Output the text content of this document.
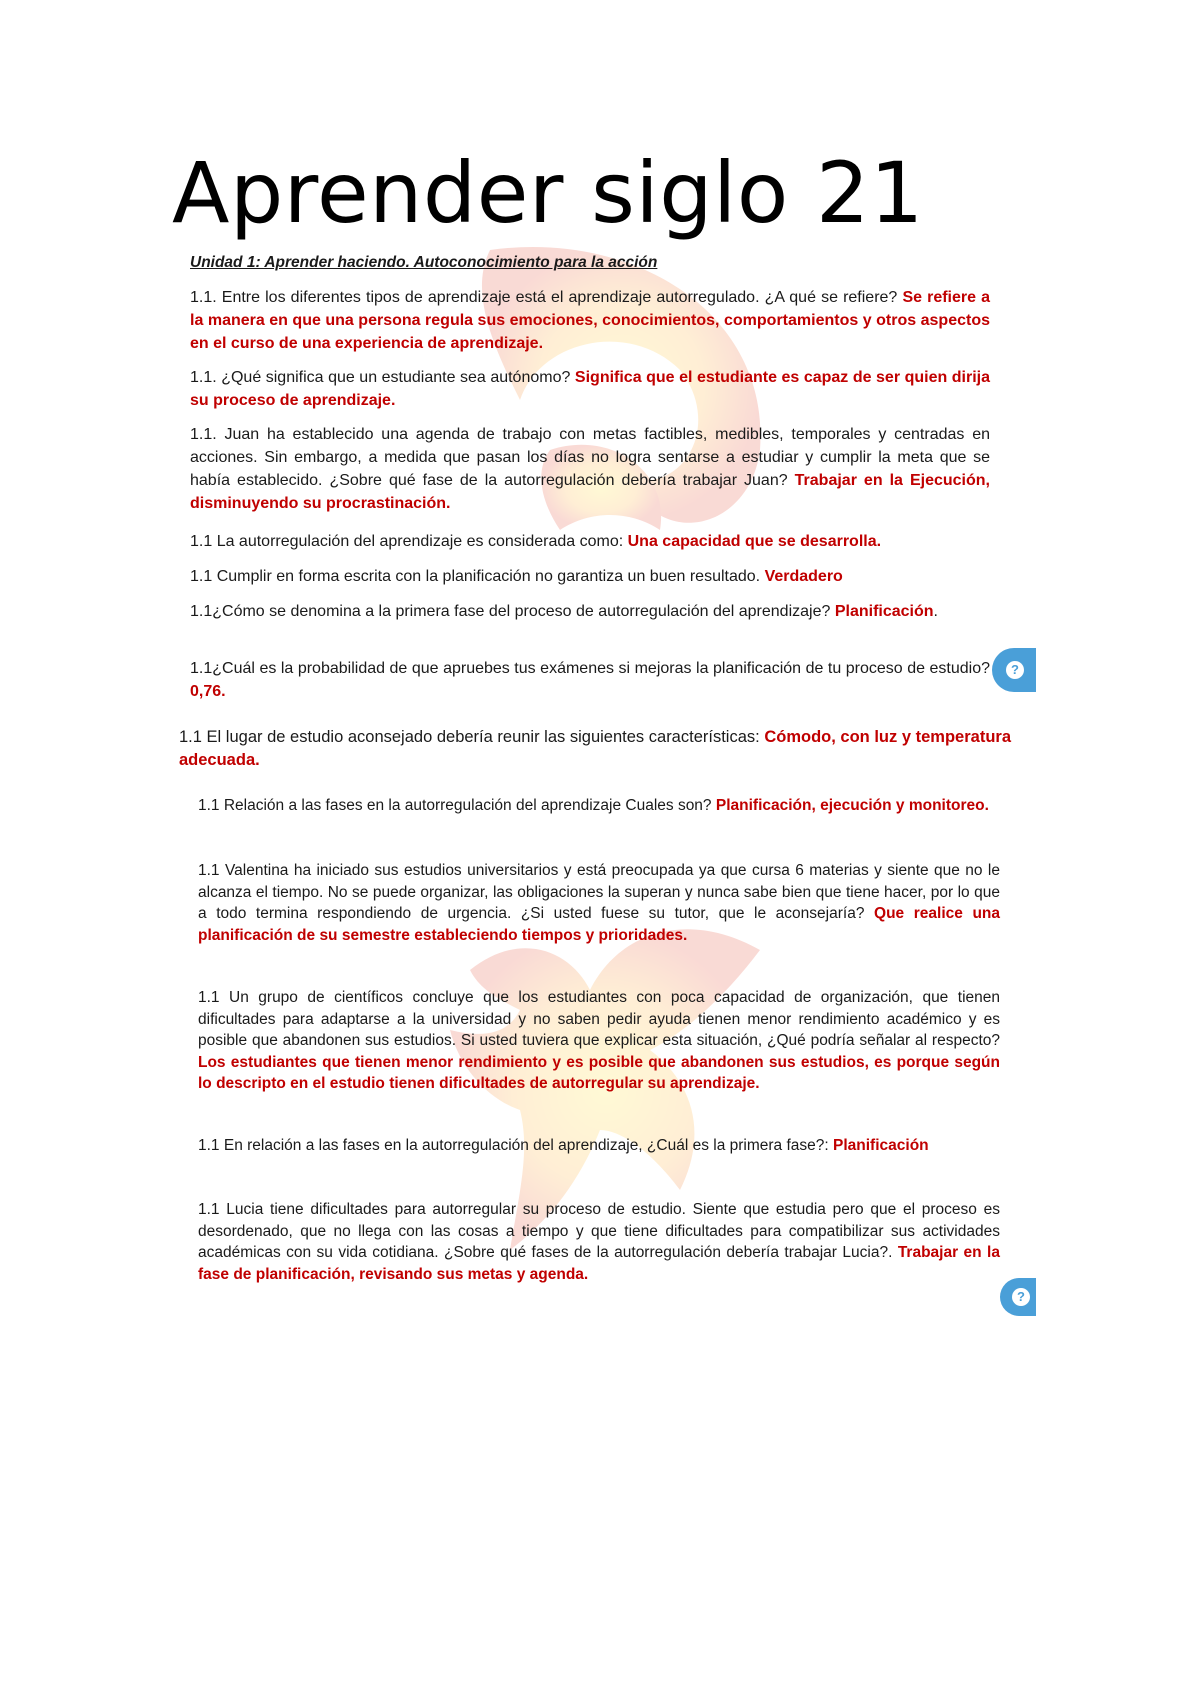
Aprender siglo 21

Unidad 1: Aprender haciendo. Autoconocimiento para la acción

1.1. Entre los diferentes tipos de aprendizaje está el aprendizaje autorregulado. ¿A qué se refiere? Se refiere a la manera en que una persona regula sus emociones, conocimientos, comportamientos y otros aspectos en el curso de una experiencia de aprendizaje.

1.1. ¿Qué significa que un estudiante sea autónomo? Significa que el estudiante es capaz de ser quien dirija su proceso de aprendizaje.

1.1. Juan ha establecido una agenda de trabajo con metas factibles, medibles, temporales y centradas en acciones. Sin embargo, a medida que pasan los días no logra sentarse a estudiar y cumplir la meta que se había establecido. ¿Sobre qué fase de la autorregulación debería trabajar Juan? Trabajar en la Ejecución, disminuyendo su procrastinación.

1.1 La autorregulación del aprendizaje es considerada como: Una capacidad que se desarrolla.

1.1 Cumplir en forma escrita con la planificación no garantiza un buen resultado. Verdadero

1.1¿Cómo se denomina a la primera fase del proceso de autorregulación del aprendizaje? Planificación.

1.1¿Cuál es la probabilidad de que apruebes tus exámenes si mejoras la planificación de tu proceso de estudio? 0,76.

?

1.1 El lugar de estudio aconsejado debería reunir las siguientes características: Cómodo, con luz y temperatura adecuada.

1.1 Relación a las fases en la autorregulación del aprendizaje Cuales son? Planificación, ejecución y monitoreo.

1.1 Valentina ha iniciado sus estudios universitarios y está preocupada ya que cursa 6 materias y siente que no le alcanza el tiempo. No se puede organizar, las obligaciones la superan y nunca sabe bien que tiene hacer, por lo que a todo termina respondiendo de urgencia. ¿Si usted fuese su tutor, que le aconsejaría? Que realice una planificación de su semestre estableciendo tiempos y prioridades.

1.1 Un grupo de científicos concluye que los estudiantes con poca capacidad de organización, que tienen dificultades para adaptarse a la universidad y no saben pedir ayuda tienen menor rendimiento académico y es posible que abandonen sus estudios. Si usted tuviera que explicar esta situación, ¿Qué podría señalar al respecto? Los estudiantes que tienen menor rendimiento y es posible que abandonen sus estudios, es porque según lo descripto en el estudio tienen dificultades de autorregular su aprendizaje.

1.1 En relación a las fases en la autorregulación del aprendizaje, ¿Cuál es la primera fase?: Planificación

1.1 Lucia tiene dificultades para autorregular su proceso de estudio. Siente que estudia pero que el proceso es desordenado, que no llega con las cosas a tiempo y que tiene dificultades para compatibilizar sus actividades académicas con su vida cotidiana. ¿Sobre qué fases de la autorregulación debería trabajar Lucia?. Trabajar en la fase de planificación, revisando sus metas y agenda.

?
